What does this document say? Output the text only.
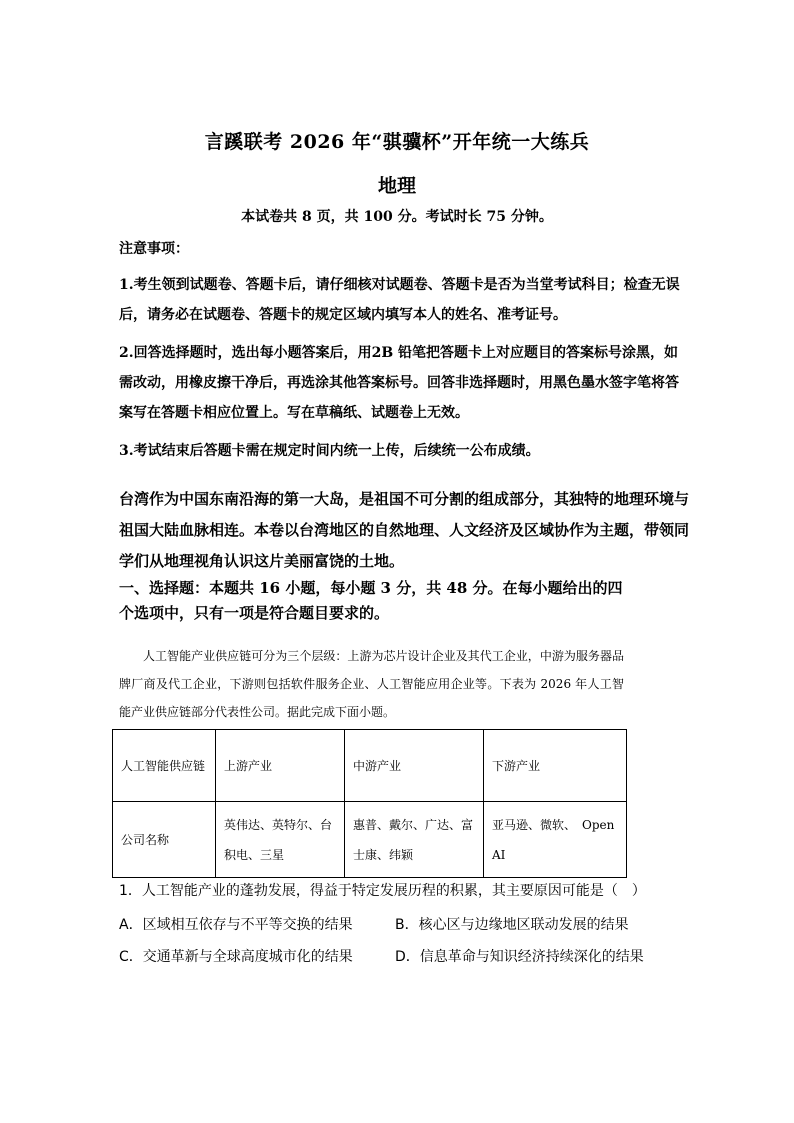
言蹊联考 2026 年“骐骥杯”开年统一大练兵
地理
本试卷共 8 页，共 100 分。考试时长 75 分钟。
注意事项：

1.考生领到试题卷、答题卡后，请仔细核对试题卷、答题卡是否为当堂考试科目；检查无误后，请务必在试题卷、答题卡的规定区域内填写本人的姓名、准考证号。

2.回答选择题时，选出每小题答案后，用2B 铅笔把答题卡上对应题目的答案标号涂黑，如需改动，用橡皮擦干净后，再选涂其他答案标号。回答非选择题时，用黑色墨水签字笔将答案写在答题卡相应位置上。写在草稿纸、试题卷上无效。

3.考试结束后答题卡需在规定时间内统一上传，后续统一公布成绩。

台湾作为中国东南沿海的第一大岛，是祖国不可分割的组成部分，其独特的地理环境与祖国大陆血脉相连。本卷以台湾地区的自然地理、人文经济及区域协作为主题，带领同学们从地理视角认识这片美丽富饶的土地。

一、选择题：本题共 16 小题，每小题 3 分，共 48 分。在每小题给出的四个选项中，只有一项是符合题目要求的。

人工智能产业供应链可分为三个层级：上游为芯片设计企业及其代工企业，中游为服务器品牌厂商及代工企业，下游则包括软件服务企业、人工智能应用企业等。下表为 2026 年人工智能产业供应链部分代表性公司。据此完成下面小题。

人工智能供应链	上游产业	中游产业	下游产业
公司名称	英伟达、英特尔、台积电、三星	惠普、戴尔、广达、富士康、纬颖	亚马逊、微软、　Open AI

1．人工智能产业的蓬勃发展，得益于特定发展历程的积累，其主要原因可能是（　）

A．区域相互依存与不平等交换的结果	B．核心区与边缘地区联动发展的结果
C．交通革新与全球高度城市化的结果	D．信息革命与知识经济持续深化的结果
